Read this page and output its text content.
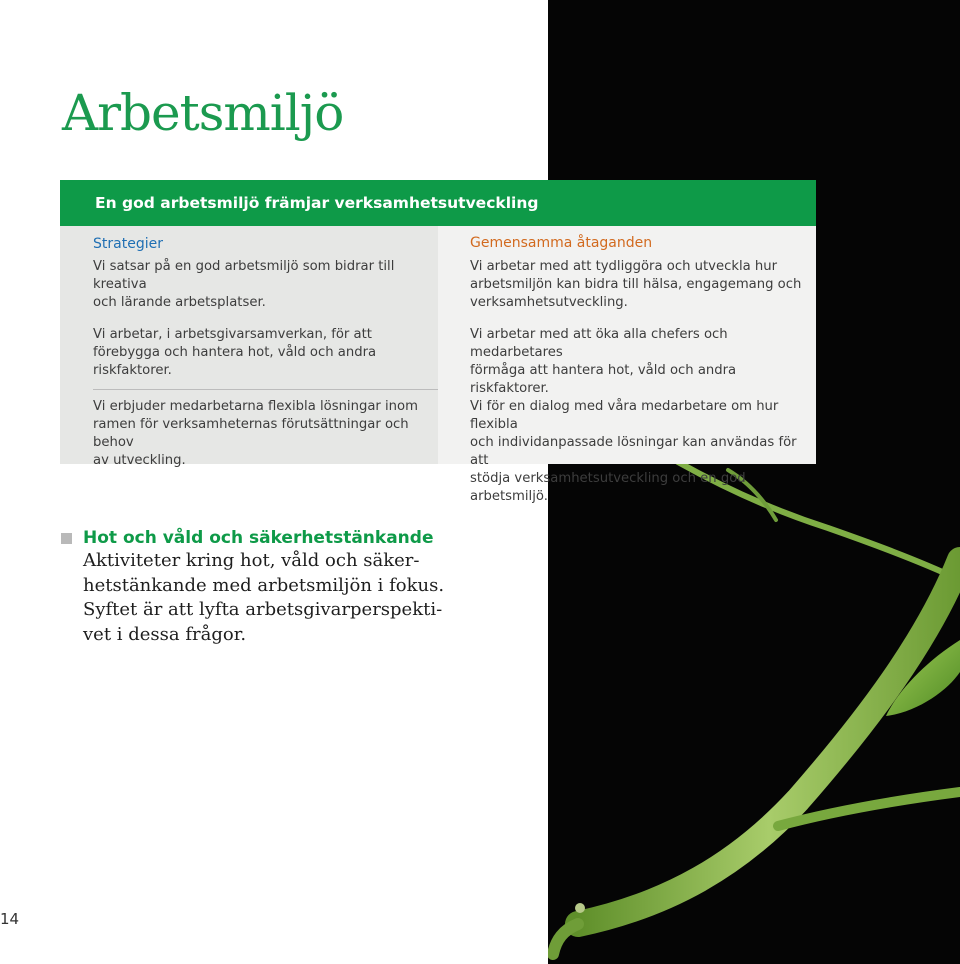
Arbetsmiljö
En god arbetsmiljö främjar verksamhetsutveckling
Strategier
Vi satsar på en god arbetsmiljö som bidrar till kreativa
och lärande arbetsplatser.
Vi arbetar, i arbetsgivarsamverkan, för att
förebygga och hantera hot, våld och andra
riskfaktorer.
Vi erbjuder medarbetarna flexibla lösningar inom
ramen för verksamheternas förutsättningar och behov
av utveckling.
Gemensamma åtaganden
Vi arbetar med att tydliggöra och utveckla hur
arbetsmiljön kan bidra till hälsa, engagemang och
verksamhetsutveckling.
Vi arbetar med att öka alla chefers och medarbetares
förmåga att hantera hot, våld och andra riskfaktorer.
Vi för en dialog med våra medarbetare om hur flexibla
och individanpassade lösningar kan användas för att
stödja verksamhetsutveckling och en god arbetsmiljö.
Hot och våld och säkerhetstänkande
Aktiviteter kring hot, våld och säker-
hetstänkande med arbetsmiljön i fokus.
Syftet är att lyfta arbetsgivarperspekti-
vet i dessa frågor.
14
